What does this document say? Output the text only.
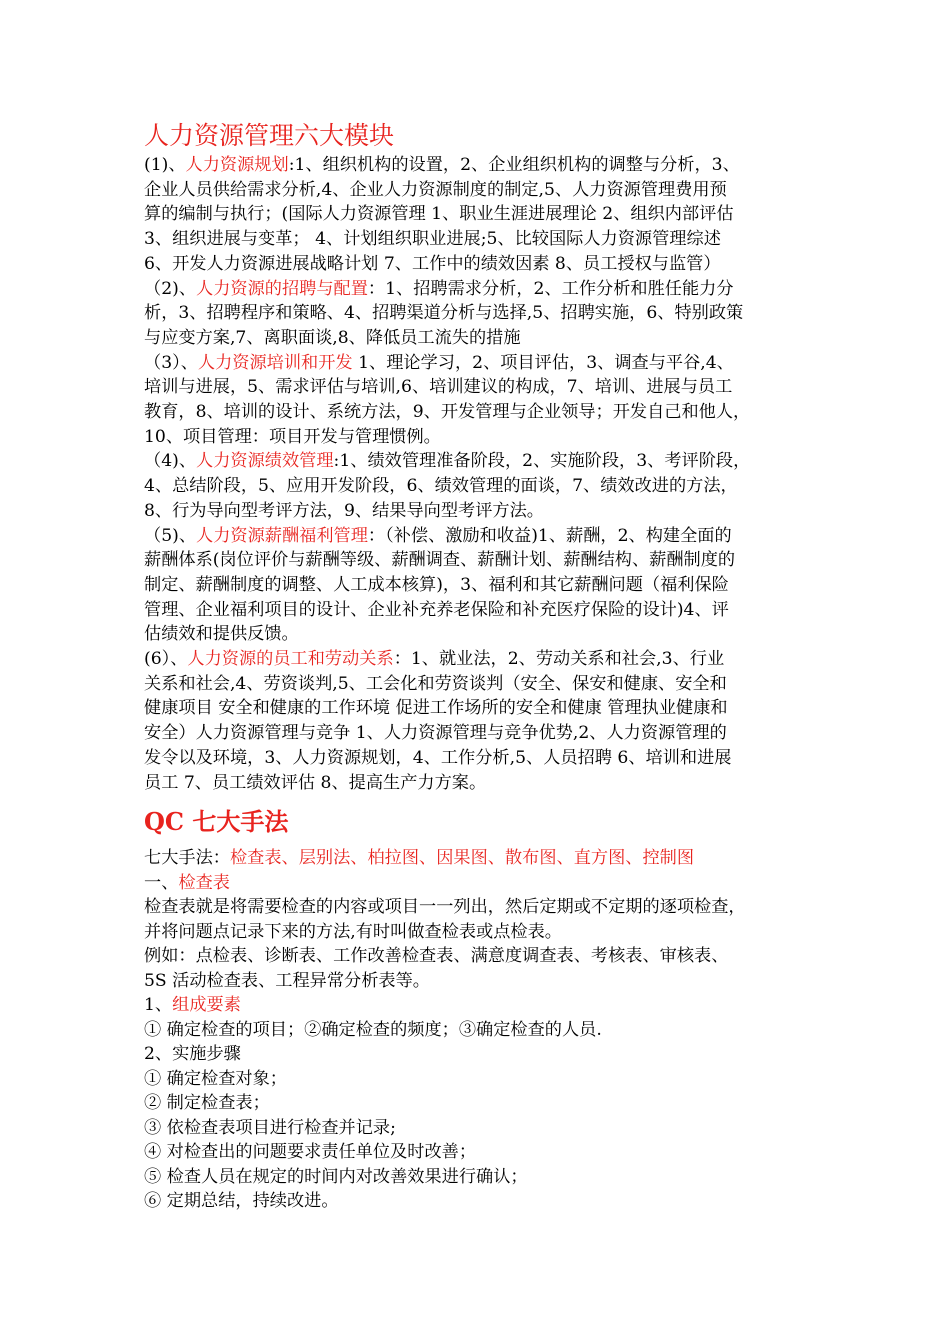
人力资源管理六大模块
(1)、人力资源规划:1、组织机构的设置，2、企业组织机构的调整与分析，3、
企业人员供给需求分析,4、企业人力资源制度的制定,5、人力资源管理费用预
算的编制与执行；(国际人力资源管理 1、职业生涯进展理论 2、组织内部评估
3、组织进展与变革； 4、计划组织职业进展;5、比较国际人力资源管理综述
6、开发人力资源进展战略计划 7、工作中的绩效因素 8、员工授权与监管）
（2)、人力资源的招聘与配置：1、招聘需求分析，2、工作分析和胜任能力分
析，3、招聘程序和策略、4、招聘渠道分析与选择,5、招聘实施，6、特别政策
与应变方案,7、离职面谈,8、降低员工流失的措施
（3）、人力资源培训和开发 1、理论学习，2、项目评估，3、调查与平谷,4、
培训与进展，5、需求评估与培训,6、培训建议的构成，7、培训、进展与员工
教育，8、培训的设计、系统方法，9、开发管理与企业领导；开发自己和他人，
10、项目管理：项目开发与管理惯例。
（4)、人力资源绩效管理:1、绩效管理准备阶段，2、实施阶段，3、考评阶段，
4、总结阶段，5、应用开发阶段，6、绩效管理的面谈，7、绩效改进的方法，
8、行为导向型考评方法，9、结果导向型考评方法。
（5)、人力资源薪酬福利管理：（补偿、激励和收益)1、薪酬，2、构建全面的
薪酬体系(岗位评价与薪酬等级、薪酬调查、薪酬计划、薪酬结构、薪酬制度的
制定、薪酬制度的调整、人工成本核算)，3、福利和其它薪酬问题（福利保险
管理、企业福利项目的设计、企业补充养老保险和补充医疗保险的设计)4、评
估绩效和提供反馈。
(6）、人力资源的员工和劳动关系：1、就业法，2、劳动关系和社会,3、行业
关系和社会,4、劳资谈判,5、工会化和劳资谈判（安全、保安和健康、安全和
健康项目 安全和健康的工作环境 促进工作场所的安全和健康 管理执业健康和
安全）人力资源管理与竞争 1、人力资源管理与竞争优势,2、人力资源管理的
发令以及环境，3、人力资源规划，4、工作分析,5、人员招聘 6、培训和进展
员工 7、员工绩效评估 8、提高生产力方案。
QC 七大手法
七大手法：检查表、层别法、柏拉图、因果图、散布图、直方图、控制图
一、检查表
检查表就是将需要检查的内容或项目一一列出，然后定期或不定期的逐项检查，
并将问题点记录下来的方法,有时叫做查检表或点检表。
例如：点检表、诊断表、工作改善检查表、满意度调查表、考核表、审核表、
5S 活动检查表、工程异常分析表等。
1、组成要素
① 确定检查的项目；②确定检查的频度；③确定检查的人员.
2、实施步骤
① 确定检查对象；
② 制定检查表；
③ 依检查表项目进行检查并记录;
④ 对检查出的问题要求责任单位及时改善；
⑤ 检查人员在规定的时间内对改善效果进行确认；
⑥ 定期总结，持续改进。
